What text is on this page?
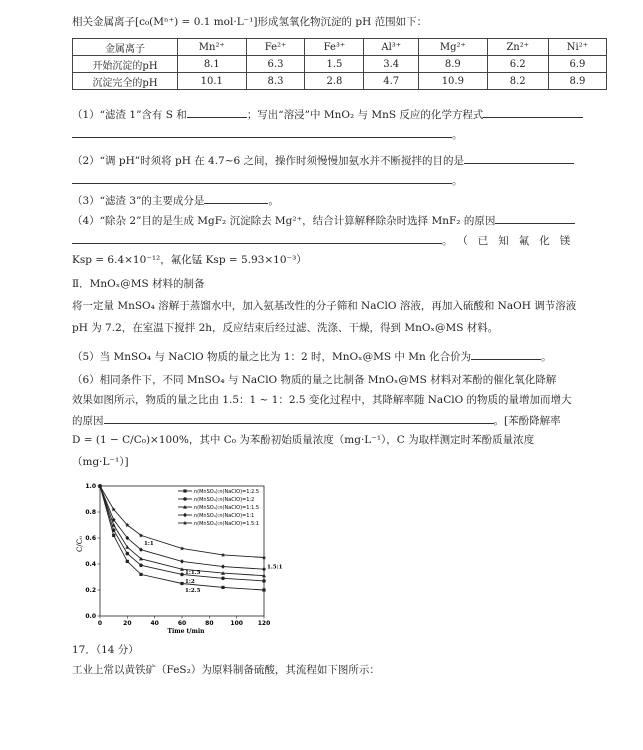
相关金属离子[c₀(Mⁿ⁺) = 0.1 mol·L⁻¹]形成氢氧化物沉淀的 pH 范围如下：
金属离子	Mn²⁺	Fe²⁺	Fe³⁺	Al³⁺	Mg²⁺	Zn²⁺	Ni²⁺
开始沉淀的pH	8.1	6.3	1.5	3.4	8.9	6.2	6.9
沉淀完全的pH	10.1	8.3	2.8	4.7	10.9	8.2	8.9
（1）“滤渣 1”含有 S 和	；写出“溶浸”中 MnO₂ 与 MnS 反应的化学方程式
。
（2）“调 pH”时须将 pH 在 4.7~6 之间，操作时须慢慢加氨水并不断搅拌的目的是
。
（3）“滤渣 3”的主要成分是	。
（4）“除杂 2”目的是生成 MgF₂ 沉淀除去 Mg²⁺，结合计算解释除杂时选择 MnF₂ 的原因
。（已知氟化镁
Ksp = 6.4×10⁻¹²，氟化锰 Ksp = 5.93×10⁻³）
Ⅱ．MnOₓ@MS 材料的制备
将一定量 MnSO₄ 溶解于蒸馏水中，加入氨基改性的分子筛和 NaClO 溶液，再加入硫酸和 NaOH 调节溶液
pH 为 7.2，在室温下搅拌 2h，反应结束后经过滤、洗涤、干燥，得到 MnOₓ@MS 材料。
（5）当 MnSO₄ 与 NaClO 物质的量之比为 1：2 时，MnOₓ@MS 中 Mn 化合价为	。
（6）相同条件下，不同 MnSO₄ 与 NaClO 物质的量之比制备 MnOₓ@MS 材料对苯酚的催化氧化降解
效果如图所示，物质的量之比由 1.5：1 ~ 1：2.5 变化过程中，其降解率随 NaClO 的物质的量增加而增大
的原因	。[苯酚降解率
D = (1 − C/C₀)×100%，其中 C₀ 为苯酚初始质量浓度（mg·L⁻¹），C 为取样测定时苯酚质量浓度
（mg·L⁻¹）]
0	20	40	60	80	100 120
0.0
0.2
0.4
0.6
0.8
1.0
1:2.5
1:2
1:1.5
1:1
1.5:1
n(MnSO₄):n(NaClO)=1:2.5
n(MnSO₄):n(NaClO)=1:2
n(MnSO₄):n(NaClO)=1:1.5
n(MnSO₄):n(NaClO)=1:1
n(MnSO₄):n(NaClO)=1.5:1
Time t/min
C/C₀
17．（14 分）
工业上常以黄铁矿（FeS₂）为原料制备硫酸，其流程如下图所示：
